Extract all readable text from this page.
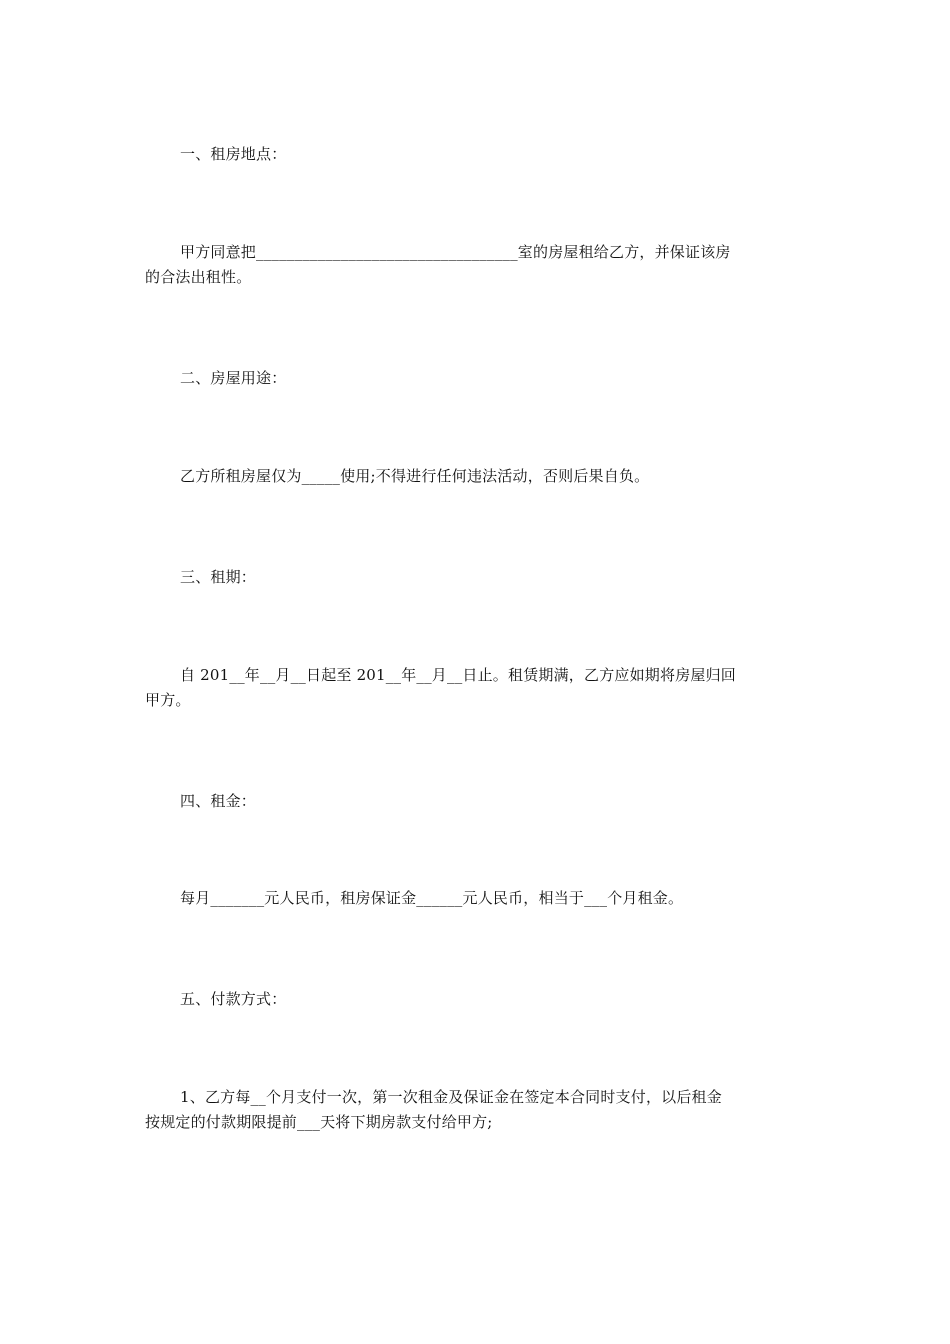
一、租房地点：
甲方同意把__________________________________室的房屋租给乙方，并保证该房
的合法出租性。
二、房屋用途：
乙方所租房屋仅为_____使用;不得进行任何违法活动，否则后果自负。
三、租期：
自 201__年__月__日起至 201__年__月__日止。租赁期满，乙方应如期将房屋归回
甲方。
四、租金：
每月_______元人民币，租房保证金______元人民币，相当于___个月租金。
五、付款方式：
1、乙方每__个月支付一次，第一次租金及保证金在签定本合同时支付，以后租金
按规定的付款期限提前___天将下期房款支付给甲方;
